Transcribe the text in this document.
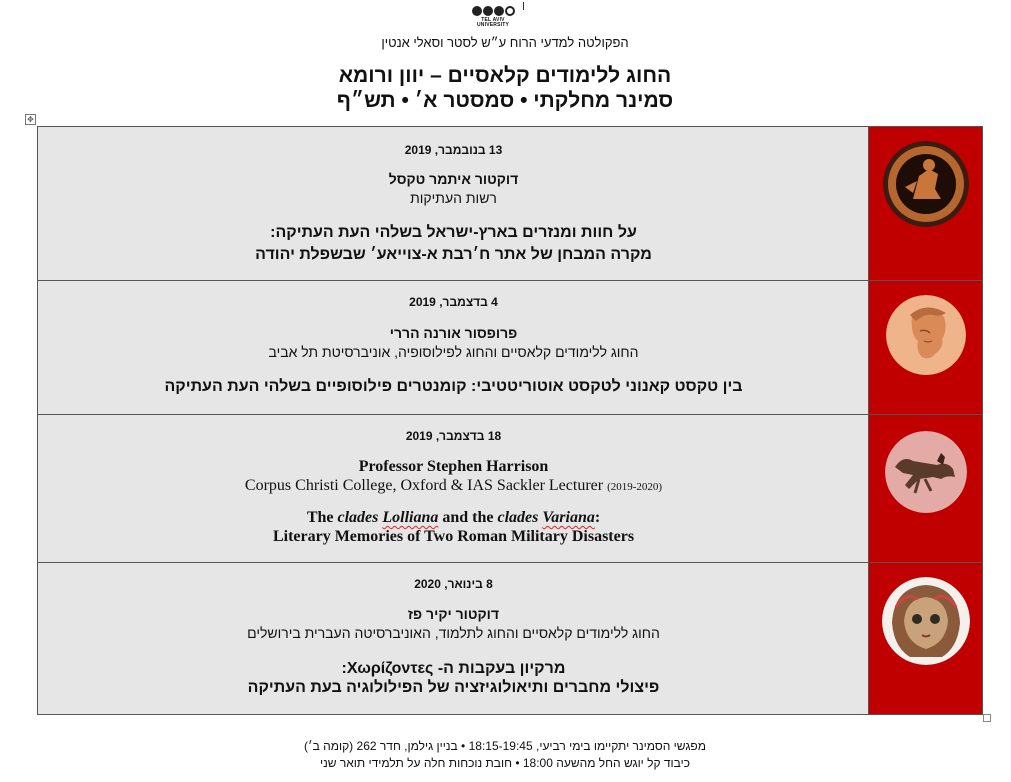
TEL AVIV
UNIVERSITY
הפקולטה למדעי הרוח ע״ש לסטר וסאלי אנטין
החוג ללימודים קלאסיים – יוון ורומא
סמינר מחלקתי • סמסטר א׳ • תש״ף
✥
13 בנובמבר, 2019
דוקטור איתמר טקסל
רשות העתיקות
על חוות ומנזרים בארץ-ישראל בשלהי העת העתיקה:
מקרה המבחן של אתר ח׳רבת א-צוייאע׳ שבשפלת יהודה
4 בדצמבר, 2019
פרופסור אורנה הררי
החוג ללימודים קלאסיים והחוג לפילוסופיה, אוניברסיטת תל אביב
בין טקסט קאנוני לטקסט אוטוריטטיבי: קומנטרים פילוסופיים בשלהי העת העתיקה
18 בדצמבר, 2019
Professor Stephen Harrison
Corpus Christi College, Oxford & IAS Sackler Lecturer (2019-2020)
The clades Lolliana and the clades Variana:
Literary Memories of Two Roman Military Disasters
8 בינואר, 2020
דוקטור יקיר פז
החוג ללימודים קלאסיים והחוג לתלמוד, האוניברסיטה העברית בירושלים
מרקיון בעקבות ה- Χωρίζοντες:
פיצולי מחברים ותיאולוגיזציה של הפילולוגיה בעת העתיקה
מפגשי הסמינר יתקיימו בימי רביעי, 18:15-19:45 • בניין גילמן, חדר 262 (קומה ב׳)
כיבוד קל יוגש החל מהשעה 18:00 • חובת נוכחות חלה על תלמידי תואר שני
